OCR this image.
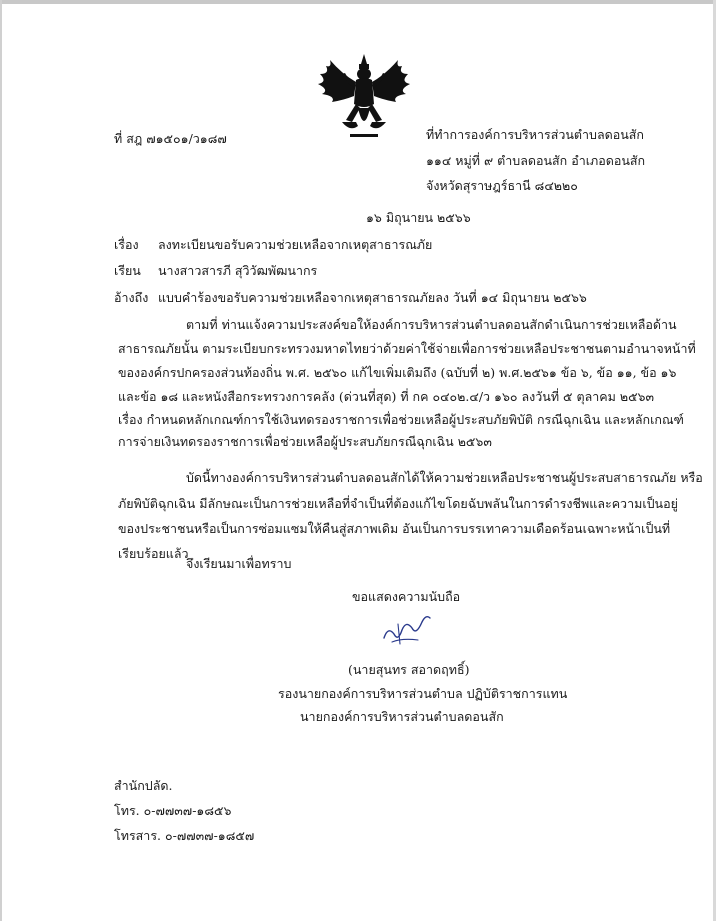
ที่ สฎ ๗๑๕๐๑/ว๑๘๗	ที่ทำการองค์การบริหารส่วนตำบลดอนสัก
๑๑๔ หมู่ที่ ๙ ตำบลดอนสัก อำเภอดอนสัก
จังหวัดสุราษฎร์ธานี ๘๔๒๒๐
๑๖ มิถุนายน ๒๕๖๖
เรื่อง ลงทะเบียนขอรับความช่วยเหลือจากเหตุสาธารณภัย
เรียน นางสาวสารภี สุวิวัฒพัฒนากร
อ้างถึง แบบคำร้องขอรับความช่วยเหลือจากเหตุสาธารณภัยลง วันที่ ๑๔ มิถุนายน ๒๕๖๖
ตามที่ ท่านแจ้งความประสงค์ขอให้องค์การบริหารส่วนตำบลดอนสักดำเนินการช่วยเหลือด้าน
สาธารณภัยนั้น ตามระเบียบกระทรวงมหาดไทยว่าด้วยค่าใช้จ่ายเพื่อการช่วยเหลือประชาชนตามอำนาจหน้าที่
ขององค์กรปกครองส่วนท้องถิ่น พ.ศ. ๒๕๖๐ แก้ไขเพิ่มเติมถึง (ฉบับที่ ๒) พ.ศ.๒๕๖๑ ข้อ ๖, ข้อ ๑๑, ข้อ ๑๖
และข้อ ๑๘ และหนังสือกระทรวงการคลัง (ด่วนที่สุด) ที่ กค ๐๔๐๒.๔/ว ๑๖๐ ลงวันที่ ๕ ตุลาคม ๒๕๖๓
เรื่อง กำหนดหลักเกณฑ์การใช้เงินทดรองราชการเพื่อช่วยเหลือผู้ประสบภัยพิบัติ กรณีฉุกเฉิน และหลักเกณฑ์
การจ่ายเงินทดรองราชการเพื่อช่วยเหลือผู้ประสบภัยกรณีฉุกเฉิน ๒๕๖๓
บัดนี้ทางองค์การบริหารส่วนตำบลดอนสักได้ให้ความช่วยเหลือประชาชนผู้ประสบสาธารณภัย หรือ
ภัยพิบัติฉุกเฉิน มีลักษณะเป็นการช่วยเหลือที่จำเป็นที่ต้องแก้ไขโดยฉับพลันในการดำรงชีพและความเป็นอยู่
ของประชาชนหรือเป็นการซ่อมแซมให้คืนสู่สภาพเดิม อันเป็นการบรรเทาความเดือดร้อนเฉพาะหน้าเป็นที่
เรียบร้อยแล้ว
จึงเรียนมาเพื่อทราบ
ขอแสดงความนับถือ
(นายสุนทร สอาดฤทธิ์)
รองนายกองค์การบริหารส่วนตำบล ปฏิบัติราชการแทน
นายกองค์การบริหารส่วนตำบลดอนสัก
สำนักปลัด.
โทร. ๐-๗๗๓๗-๑๘๕๖
โทรสาร. ๐-๗๗๓๗-๑๘๕๗
